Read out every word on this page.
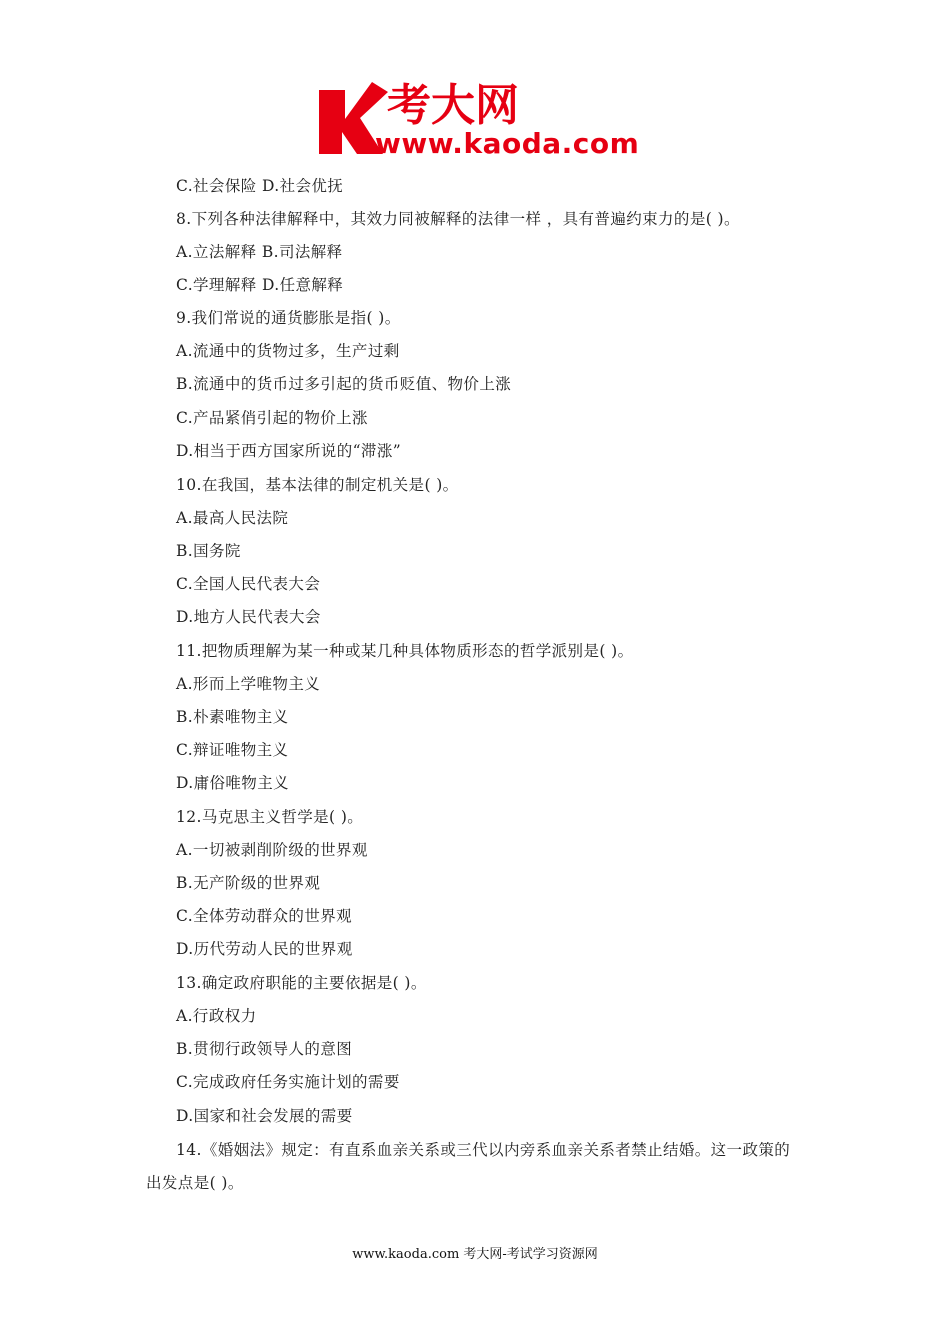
考大网
www.kaoda.com
C.社会保险 D.社会优抚
8.下列各种法律解释中，其效力同被解释的法律一样 ，具有普遍约束力的是( )。
A.立法解释 B.司法解释
C.学理解释 D.任意解释
9.我们常说的通货膨胀是指( )。
A.流通中的货物过多，生产过剩
B.流通中的货币过多引起的货币贬值、物价上涨
C.产品紧俏引起的物价上涨
D.相当于西方国家所说的“滞涨”
10.在我国，基本法律的制定机关是( )。
A.最高人民法院
B.国务院
C.全国人民代表大会
D.地方人民代表大会
11.把物质理解为某一种或某几种具体物质形态的哲学派别是( )。
A.形而上学唯物主义
B.朴素唯物主义
C.辩证唯物主义
D.庸俗唯物主义
12.马克思主义哲学是( )。
A.一切被剥削阶级的世界观
B.无产阶级的世界观
C.全体劳动群众的世界观
D.历代劳动人民的世界观
13.确定政府职能的主要依据是( )。
A.行政权力
B.贯彻行政领导人的意图
C.完成政府任务实施计划的需要
D.国家和社会发展的需要
14.《婚姻法》规定：有直系血亲关系或三代以内旁系血亲关系者禁止结婚。这一政策的
出发点是( )。
www.kaoda.com 考大网-考试学习资源网
